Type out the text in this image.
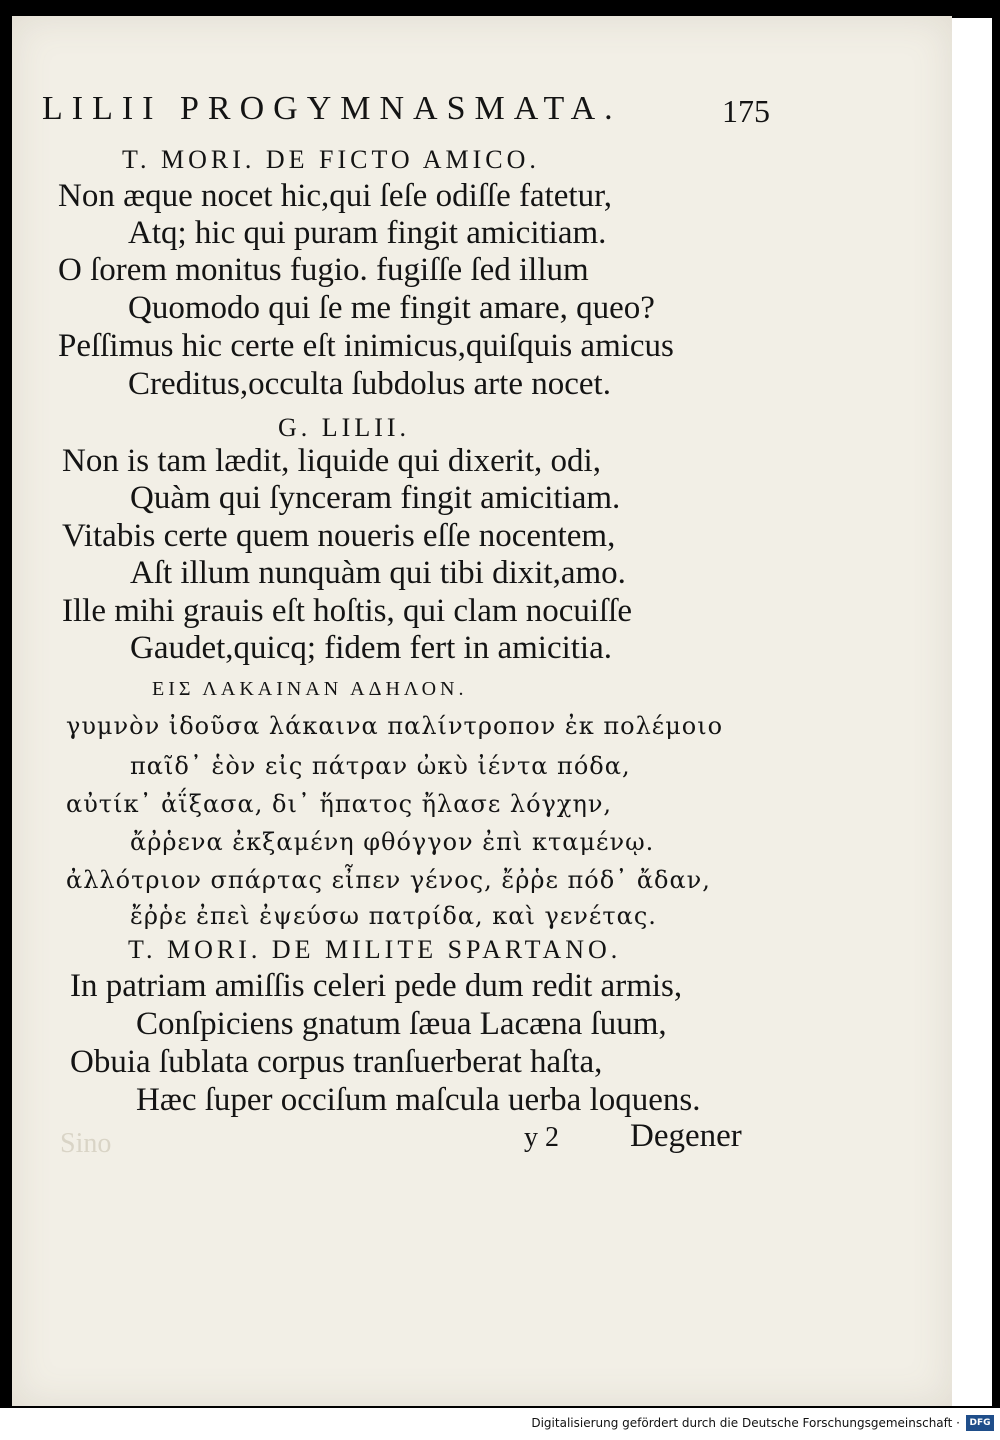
Sino
LILII PROGYMNASMATA.	175
T. MORI. DE FICTO AMICO.
Non æque nocet hic,qui ſeſe odiſſe fatetur,
Atq; hic qui puram fingit amicitiam.
O ſorem monitus fugio. fugiſſe ſed illum
Quomodo qui ſe me fingit amare, queo?
Peſſimus hic certe eſt inimicus,quiſquis amicus
Creditus,occulta ſubdolus arte nocet.
G. LILII.
Non is tam lædit, liquide qui dixerit, odi,
Quàm qui ſynceram fingit amicitiam.
Vitabis certe quem noueris eſſe nocentem,
Aſt illum nunquàm qui tibi dixit,amo.
Ille mihi grauis eſt hoſtis, qui clam nocuiſſe
Gaudet,quicq; fidem fert in amicitia.
ΕΙΣ ΛΑΚΑΙΝΑΝ ΑΔΗΛΟΝ.
γυμνὸν ἰδοῦσα λάκαινα παλίντροπον ἐκ πολέμοιο
παῖδ᾽ ἑὸν εἰς πάτραν ὠκὺ ἰέντα πόδα,
αὐτίκ᾽ ἀΐξασα, δι᾽ ἥπατος ἤλασε λόγχην,
ἄῤῥενα ἐκξαμένη φθόγγον ἐπὶ κταμένῳ.
ἀλλότριον σπάρτας εἶπεν γένος, ἔῤῥε πόδ᾽ ἄδαν,
ἔῤῥε ἐπεὶ ἐψεύσω πατρίδα, καὶ γενέτας.
T. MORI. DE MILITE SPARTANO.
In patriam amiſſis celeri pede dum redit armis,
Conſpiciens gnatum ſæua Lacæna ſuum,
Obuia ſublata corpus tranſuerberat haſta,
Hæc ſuper occiſum maſcula uerba loquens.
y 2 Degener
Digitalisierung gefördert durch die Deutsche Forschungsgemeinschaft ·	DFG
